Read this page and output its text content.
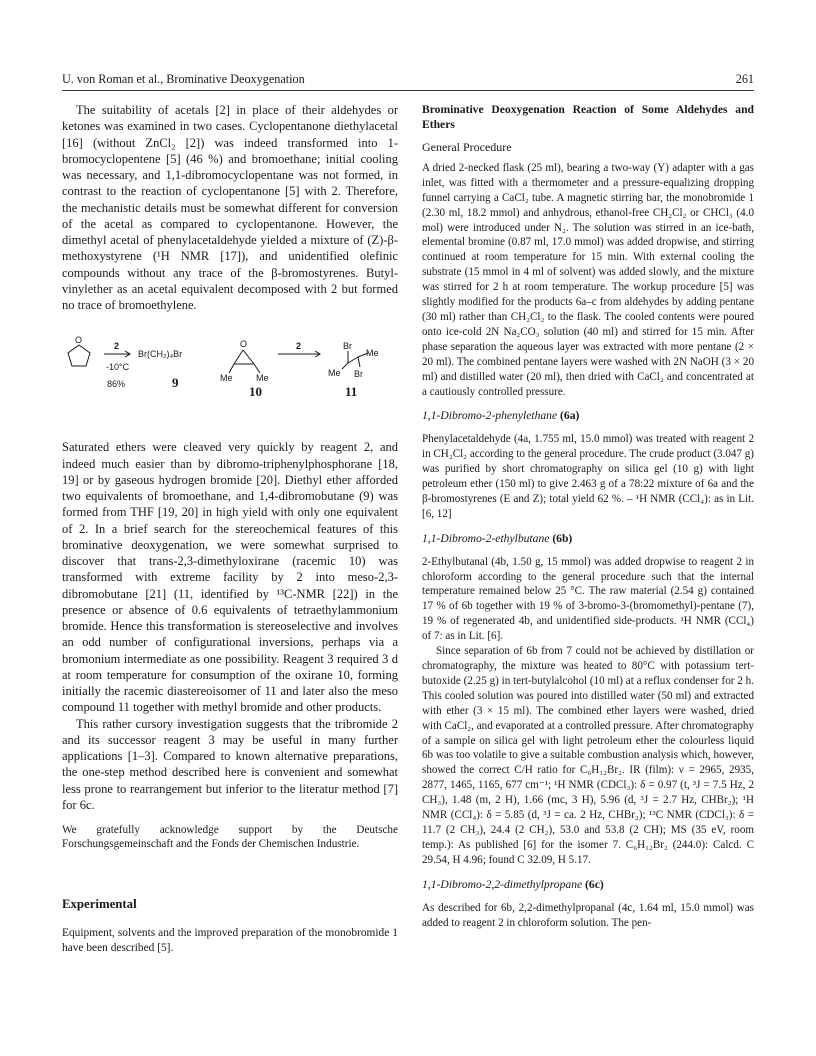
U. von Roman et al., Brominative Deoxygenation	261

The suitability of acetals [2] in place of their aldehydes or ketones was examined in two cases. Cyclopentanone diethylacetal [16] (without ZnCl₂ [2]) was indeed transformed into 1-bromocyclopentene [5] (46 %) and bromoethane; initial cooling was necessary, and 1,1-dibromocyclopentane was not formed, in contrast to the reaction of cyclopentanone [5] with 2. Therefore, the mechanistic details must be somewhat different for conversion of the acetal as compared to cyclopentanone. However, the dimethyl acetal of phenylacetaldehyde yielded a mixture of (Z)-β-methoxystyrene (¹H NMR [17]), and unidentified olefinic compounds without any trace of the β-bromostyrenes. Butyl-vinylether as an acetal equivalent decomposed with 2 but formed no trace of bromoethylene.

O
2
-10°C
86%
Br(CH₂)₄Br
O
Me	Me
2	Br
Me
Me Br
9
10	11

Saturated ethers were cleaved very quickly by reagent 2, and indeed much easier than by dibromo-triphenylphosphorane [18, 19] or by gaseous hydrogen bromide [20]. Diethyl ether afforded two equivalents of bromoethane, and 1,4-dibromobutane (9) was formed from THF [19, 20] in high yield with only one equivalent of 2. In a brief search for the stereochemical features of this brominative deoxygenation, we were somewhat surprised to discover that trans-2,3-dimethyloxirane (racemic 10) was transformed with extreme facility by 2 into meso-2,3-dibromobutane [21] (11, identified by ¹³C-NMR [22]) in the presence or absence of 0.6 equivalents of tetraethylammonium bromide. Hence this transformation is stereoselective and involves an odd number of configurational inversions, perhaps via a bromonium intermediate as one possibility. Reagent 3 required 3 d at room temperature for consumption of the oxirane 10, forming initially the racemic diastereoisomer of 11 and later also the meso compound 11 together with methyl bromide and other products.

This rather cursory investigation suggests that the tribromide 2 and its successor reagent 3 may be useful in many further applications [1–3]. Compared to known alternative preparations, the one-step method described here is convenient and somewhat less prone to rearrangement but inferior to the literatur method [7] for 6c.

We gratefully acknowledge support by the Deutsche Forschungsgemeinschaft and the Fonds der Chemischen Industrie.

Experimental

Equipment, solvents and the improved preparation of the monobromide 1 have been described [5].

Brominative Deoxygenation Reaction of Some Aldehydes and Ethers

General Procedure

A dried 2-necked flask (25 ml), bearing a two-way (Y) adapter with a gas inlet, was fitted with a thermometer and a pressure-equalizing dropping funnel carrying a CaCl₂ tube. A magnetic stirring bar, the monobromide 1 (2.30 ml, 18.2 mmol) and anhydrous, ethanol-free CH₂Cl₂ or CHCl₃ (4.0 mol) were introduced under N₂. The solution was stirred in an ice-bath, elemental bromine (0.87 ml, 17.0 mmol) was added dropwise, and stirring continued at room temperature for 15 min. With external cooling the substrate (15 mmol in 4 ml of solvent) was added slowly, and the mixture was stirred for 2 h at room temperature. The workup procedure [5] was slightly modified for the products 6a–c from aldehydes by adding pentane (30 ml) rather than CH₂Cl₂ to the flask. The cooled contents were poured onto ice-cold 2N Na₂CO₃ solution (40 ml) and stirred for 15 min. After phase separation the aqueous layer was extracted with more pentane (2 × 20 ml). The combined pentane layers were washed with 2N NaOH (3 × 20 ml) and distilled water (20 ml), then dried with CaCl₂ and concentrated at a cautiously controlled pressure.

1,1-Dibromo-2-phenylethane (6a)

Phenylacetaldehyde (4a, 1.755 ml, 15.0 mmol) was treated with reagent 2 in CH₂Cl₂ according to the general procedure. The crude product (3.047 g) was purified by short chromatography on silica gel (10 g) with light petroleum ether (150 ml) to give 2.463 g of a 78:22 mixture of 6a and the β-bromostyrenes (E and Z); total yield 62 %. – ¹H NMR (CCl₄): as in Lit. [6, 12]

1,1-Dibromo-2-ethylbutane (6b)

2-Ethylbutanal (4b, 1.50 g, 15 mmol) was added dropwise to reagent 2 in chloroform according to the general procedure such that the internal temperature remained below 25 °C. The raw material (2.54 g) contained 17 % of 6b together with 19 % of 3-bromo-3-(bromomethyl)-pentane (7), 19 % of regenerated 4b, and unidentified side-products. ¹H NMR (CCl₄) of 7: as in Lit. [6].

Since separation of 6b from 7 could not be achieved by distillation or chromatography, the mixture was heated to 80°C with potassium tert-butoxide (2.25 g) in tert-butylalcohol (10 ml) at a reflux condenser for 2 h. This cooled solution was poured into distilled water (50 ml) and extracted with ether (3 × 15 ml). The combined ether layers were washed, dried with CaCl₂, and evaporated at a controlled pressure. After chromatography of a sample on silica gel with light petroleum ether the colourless liquid 6b was too volatile to give a suitable combustion analysis which, however, showed the correct C/H ratio for C₆H₁₂Br₂. IR (film): ν = 2965, 2935, 2877, 1465, 1165, 677 cm⁻¹; ¹H NMR (CDCl₃): δ = 0.97 (t, ³J = 7.5 Hz, 2 CH₃), 1.48 (m, 2 H), 1.66 (mc, 3 H), 5.96 (d, ³J = 2.7 Hz, CHBr₂); ¹H NMR (CCl₄): δ = 5.85 (d, ³J = ca. 2 Hz, CHBr₂); ¹³C NMR (CDCl₃): δ = 11.7 (2 CH₃), 24.4 (2 CH₂), 53.0 and 53.8 (2 CH); MS (35 eV, room temp.): As published [6] for the isomer 7. C₆H₁₂Br₂ (244.0): Calcd. C 29.54, H 4.96; found C 32.09, H 5.17.

1,1-Dibromo-2,2-dimethylpropane (6c)

As described for 6b, 2,2-dimethylpropanal (4c, 1.64 ml, 15.0 mmol) was added to reagent 2 in chloroform solution. The pen-
